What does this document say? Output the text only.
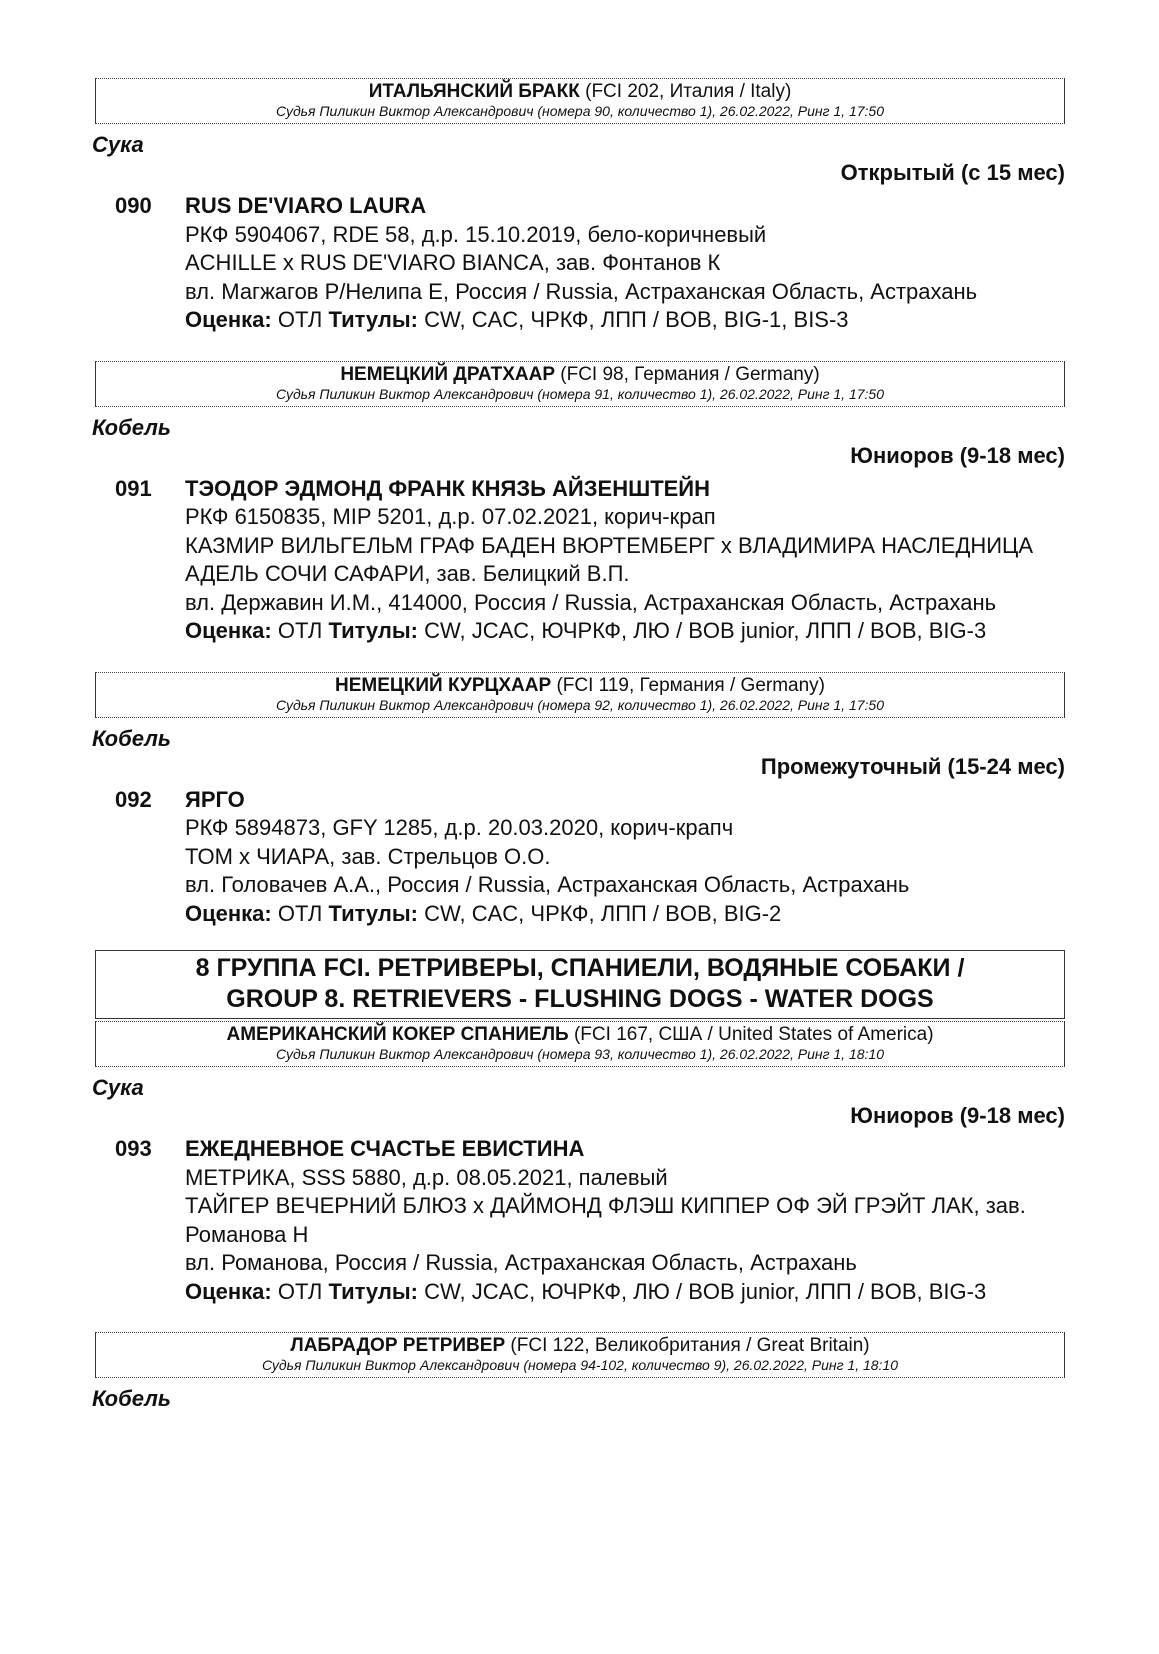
ИТАЛЬЯНСКИЙ БРАКК (FCI 202, Италия / Italy)
Судья Пиликин Виктор Александрович (номера 90, количество 1), 26.02.2022, Ринг 1, 17:50
Сука
Открытый (с 15 мес)
090 RUS DE'VIARO LAURA
РКФ 5904067, RDE 58, д.р. 15.10.2019, бело-коричневый
ACHILLE x RUS DE'VIARO BIANCA, зав. Фонтанов К
вл. Магжагов Р/Нелипа Е, Россия / Russia, Астраханская Область, Астрахань
Оценка: ОТЛ Титулы: CW, CAC, ЧРКФ, ЛПП / BOB, BIG-1, BIS-3
НЕМЕЦКИЙ ДРАТХААР (FCI 98, Германия / Germany)
Судья Пиликин Виктор Александрович (номера 91, количество 1), 26.02.2022, Ринг 1, 17:50
Кобель
Юниоров (9-18 мес)
091 ТЭОДОР ЭДМОНД ФРАНК КНЯЗЬ АЙЗЕНШТЕЙН
РКФ 6150835, MIP 5201, д.р. 07.02.2021, корич-крап
КАЗМИР ВИЛЬГЕЛЬМ ГРАФ БАДЕН ВЮРТЕМБЕРГ x ВЛАДИМИРА НАСЛЕДНИЦА АДЕЛЬ СОЧИ САФАРИ, зав. Белицкий В.П.
вл. Державин И.М., 414000, Россия / Russia, Астраханская Область, Астрахань
Оценка: ОТЛ Титулы: CW, JCAC, ЮЧРКФ, ЛЮ / BOB junior, ЛПП / BOB, BIG-3
НЕМЕЦКИЙ КУРЦХААР (FCI 119, Германия / Germany)
Судья Пиликин Виктор Александрович (номера 92, количество 1), 26.02.2022, Ринг 1, 17:50
Кобель
Промежуточный (15-24 мес)
092 ЯРГО
РКФ 5894873, GFY 1285, д.р. 20.03.2020, корич-крапч
ТОМ x ЧИАРА, зав. Стрельцов О.О.
вл. Головачев А.А., Россия / Russia, Астраханская Область, Астрахань
Оценка: ОТЛ Титулы: CW, CAC, ЧРКФ, ЛПП / BOB, BIG-2
8 ГРУППА FCI. РЕТРИВЕРЫ, СПАНИЕЛИ, ВОДЯНЫЕ СОБАКИ /
GROUP 8. RETRIEVERS - FLUSHING DOGS - WATER DOGS
АМЕРИКАНСКИЙ КОКЕР СПАНИЕЛЬ (FCI 167, США / United States of America)
Судья Пиликин Виктор Александрович (номера 93, количество 1), 26.02.2022, Ринг 1, 18:10
Сука
Юниоров (9-18 мес)
093 ЕЖЕДНЕВНОЕ СЧАСТЬЕ ЕВИСТИНА
МЕТРИКА, SSS 5880, д.р. 08.05.2021, палевый
ТАЙГЕР ВЕЧЕРНИЙ БЛЮЗ x ДАЙМОНД ФЛЭШ КИППЕР ОФ ЭЙ ГРЭЙТ ЛАК, зав. Романова Н
вл. Романова, Россия / Russia, Астраханская Область, Астрахань
Оценка: ОТЛ Титулы: CW, JCAC, ЮЧРКФ, ЛЮ / BOB junior, ЛПП / BOB, BIG-3
ЛАБРАДОР РЕТРИВЕР (FCI 122, Великобритания / Great Britain)
Судья Пиликин Виктор Александрович (номера 94-102, количество 9), 26.02.2022, Ринг 1, 18:10
Кобель
